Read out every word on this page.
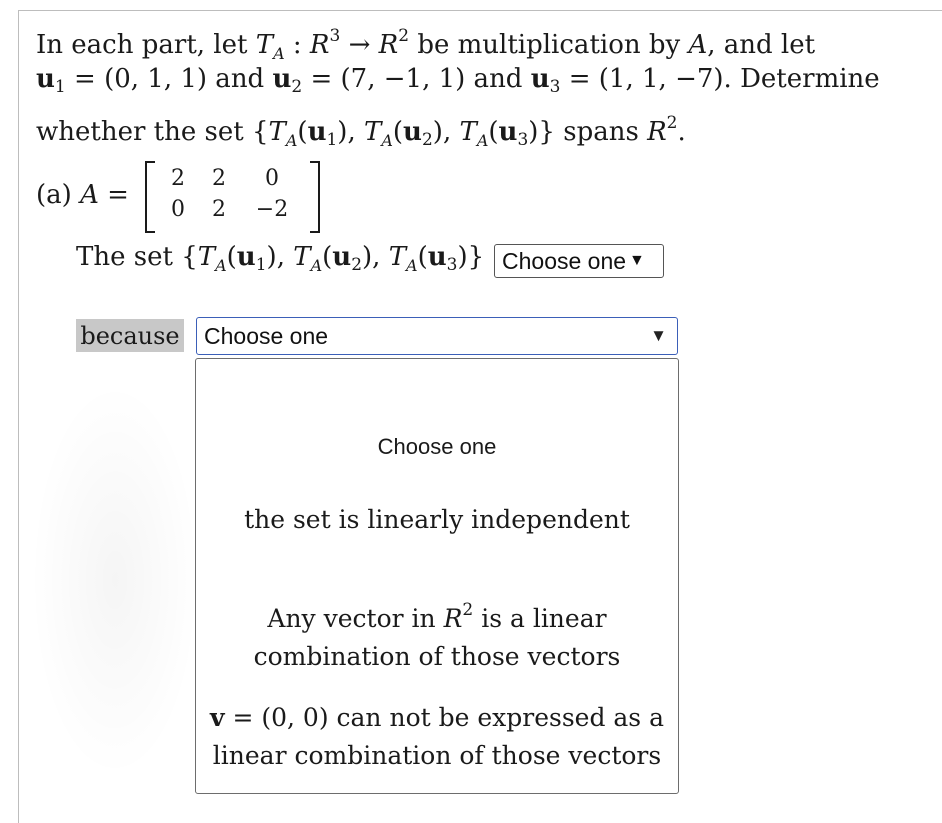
In each part, let $T_A$ : $R^3 \to R^2$ be multiplication by A, and let
$u_1 = (0$, 1, 1) and $u_2 = (7$, −1, 1) and $u_3 = (1$, 1, −7). Determine
whether the set {$T_A(u_1)$, $T_A(u_2)$, $T_A(u_3)$} spans $R^2$.
(a) A =
2	2	0
0	2	−2
The set {$T_A(u_1)$, $T_A(u_2)$, $T_A(u_3)$} Choose one ▼
because Choose one	▼
Choose one
the set is linearly independent
Any vector in $R^2$ is a linear
combination of those vectors
v = (0, 0) can not be expressed as a
linear combination of those vectors
